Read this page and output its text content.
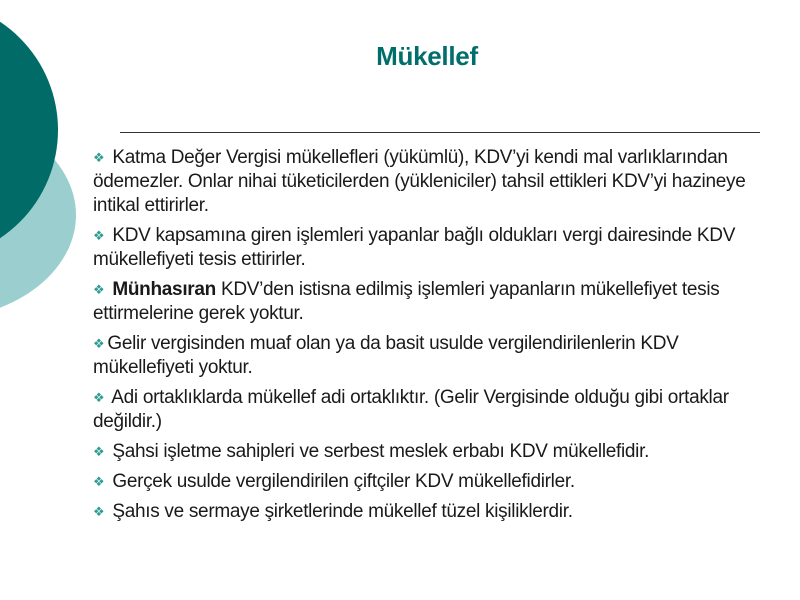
Mükellef
❖ Katma Değer Vergisi mükellefleri (yükümlü), KDV’yi kendi mal varlıklarından ödemezler. Onlar nihai tüketicilerden (yükleniciler) tahsil ettikleri KDV’yi hazineye intikal ettirirler.
❖ KDV kapsamına giren işlemleri yapanlar bağlı oldukları vergi dairesinde KDV mükellefiyeti tesis ettirirler.
❖ Münhasıran KDV’den istisna edilmiş işlemleri yapanların mükellefiyet tesis ettirmelerine gerek yoktur.
❖ Gelir vergisinden muaf olan ya da basit usulde vergilendirilenlerin KDV mükellefiyeti yoktur.
❖ Adi ortaklıklarda mükellef adi ortaklıktır. (Gelir Vergisinde olduğu gibi ortaklar değildir.)
❖ Şahsi işletme sahipleri ve serbest meslek erbabı KDV mükellefidir.
❖ Gerçek usulde vergilendirilen çiftçiler KDV mükellefidirler.
❖ Şahıs ve sermaye şirketlerinde mükellef tüzel kişiliklerdir.
